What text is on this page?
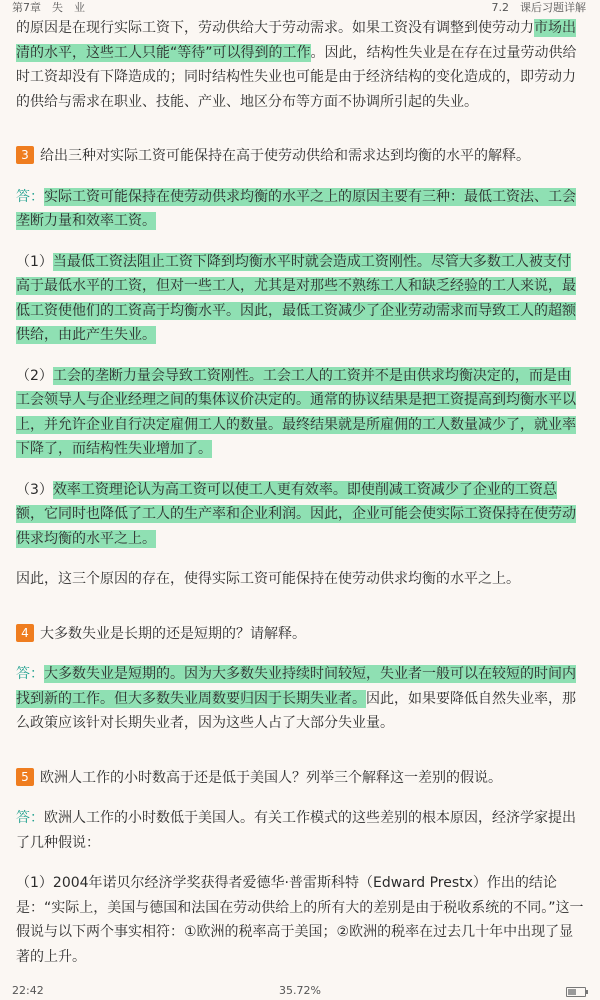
第7章　失　业	7.2　课后习题详解

的原因是在现行实际工资下，劳动供给大于劳动需求。如果工资没有调整到使劳动力市场出清的水平，这些工人只能“等待”可以得到的工作。因此，结构性失业是在存在过量劳动供给时工资却没有下降造成的；同时结构性失业也可能是由于经济结构的变化造成的，即劳动力的供给与需求在职业、技能、产业、地区分布等方面不协调所引起的失业。

3 给出三种对实际工资可能保持在高于使劳动供给和需求达到均衡的水平的解释。

答：实际工资可能保持在使劳动供求均衡的水平之上的原因主要有三种：最低工资法、工会垄断力量和效率工资。

（1）当最低工资法阻止工资下降到均衡水平时就会造成工资刚性。尽管大多数工人被支付高于最低水平的工资，但对一些工人，尤其是对那些不熟练工人和缺乏经验的工人来说，最低工资使他们的工资高于均衡水平。因此，最低工资减少了企业劳动需求而导致工人的超额供给，由此产生失业。

（2）工会的垄断力量会导致工资刚性。工会工人的工资并不是由供求均衡决定的，而是由工会领导人与企业经理之间的集体议价决定的。通常的协议结果是把工资提高到均衡水平以上，并允许企业自行决定雇佣工人的数量。最终结果就是所雇佣的工人数量减少了，就业率下降了，而结构性失业增加了。

（3）效率工资理论认为高工资可以使工人更有效率。即使削减工资减少了企业的工资总额，它同时也降低了工人的生产率和企业利润。因此，企业可能会使实际工资保持在使劳动供求均衡的水平之上。

因此，这三个原因的存在，使得实际工资可能保持在使劳动供求均衡的水平之上。

4 大多数失业是长期的还是短期的？请解释。

答：大多数失业是短期的。因为大多数失业持续时间较短，失业者一般可以在较短的时间内找到新的工作。但大多数失业周数要归因于长期失业者。因此，如果要降低自然失业率，那么政策应该针对长期失业者，因为这些人占了大部分失业量。

5 欧洲人工作的小时数高于还是低于美国人？列举三个解释这一差别的假说。

答：欧洲人工作的小时数低于美国人。有关工作模式的这些差别的根本原因，经济学家提出了几种假说：

（1）2004年诺贝尔经济学奖获得者爱德华·普雷斯科特（Edward Prestx）作出的结论是：“实际上，美国与德国和法国在劳动供给上的所有大的差别是由于税收系统的不同。”这一假说与以下两个事实相符：①欧洲的税率高于美国；②欧洲的税率在过去几十年中出现了显著的上升。

22:42	35.72%
